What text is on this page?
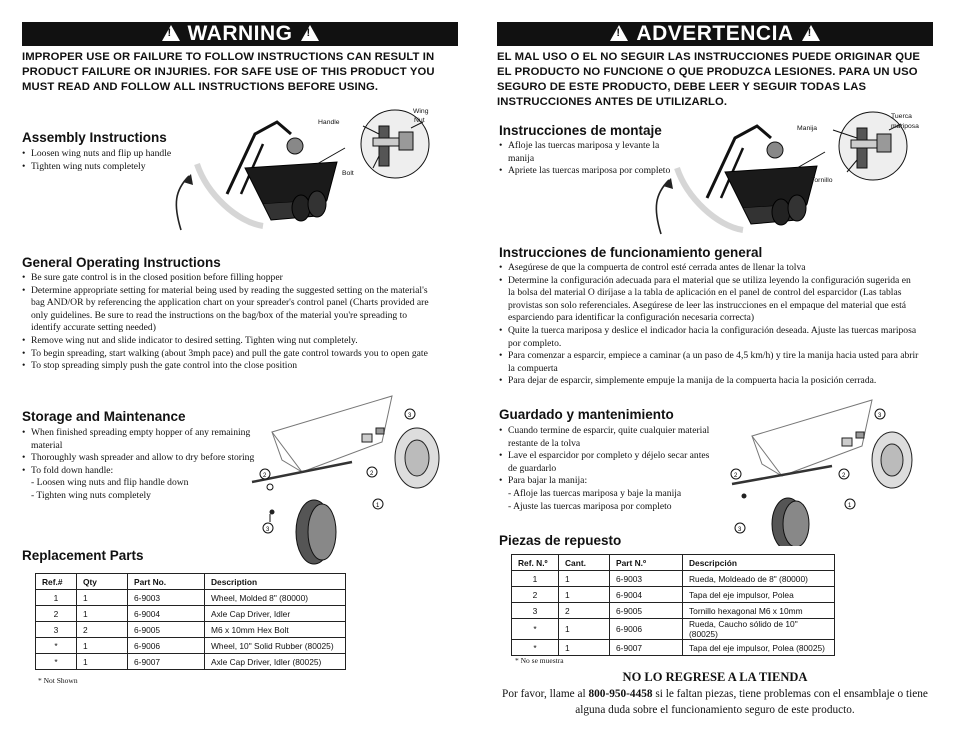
!
WARNING
!
IMPROPER USE OR FAILURE TO FOLLOW INSTRUCTIONS CAN RESULT IN PRODUCT FAILURE OR INJURIES. FOR SAFE USE OF THIS PRODUCT YOU MUST READ AND FOLLOW ALL INSTRUCTIONS BEFORE USING.
Assembly Instructions
• Loosen wing nuts and flip up handle
• Tighten wing nuts completely
Handle
Wing
Nut
Bolt
General Operating Instructions
• Be sure gate control is in the closed position before filling hopper
• Determine appropriate setting for material being used by reading the suggested setting on the material's bag AND/OR by referencing the application chart on your spreader's control panel (Charts provided are only guidelines. Be sure to read the instructions on the bag/box of the material you're spreading to identify accurate setting needed)
• Remove wing nut and slide indicator to desired setting. Tighten wing nut completely.
• To begin spreading, start walking (about 3mph pace) and pull the gate control towards you to open gate
• To stop spreading simply push the gate control into the close position
Storage and Maintenance
• When finished spreading empty hopper of any remaining material
• Thoroughly wash spreader and allow to dry before storing
• To fold down handle:
- Loosen wing nuts and flip handle down
- Tighten wing nuts completely
2	2
3
1
3
Replacement Parts
Ref.#	Qty	Part No.	Description
1	1	6-9003	Wheel, Molded 8" (80000)
2	1	6-9004	Axle Cap Driver, Idler
3	2	6-9005	M6 x 10mm Hex Bolt
*	1	6-9006	Wheel, 10" Solid Rubber (80025)
*	1	6-9007	Axle Cap Driver, Idler (80025)
* Not Shown
!
ADVERTENCIA
!
EL MAL USO O EL NO SEGUIR LAS INSTRUCCIONES PUEDE ORIGINAR QUE EL PRODUCTO NO FUNCIONE O QUE PRODUZCA LESIONES. PARA UN USO SEGURO DE ESTE PRODUCTO, DEBE LEER Y SEGUIR TODAS LAS INSTRUCCIONES ANTES DE UTILIZARLO.
Instrucciones de montaje
• Afloje las tuercas mariposa y levante la manija
• Apriete las tuercas mariposa por completo
Manija
Tuerca
mariposa
Tornillo
Instrucciones de funcionamiento general
• Asegúrese de que la compuerta de control esté cerrada antes de llenar la tolva
• Determine la configuración adecuada para el material que se utiliza leyendo la configuración sugerida en la bolsa del material O diríjase a la tabla de aplicación en el panel de control del esparcidor (Las tablas provistas son solo referenciales. Asegúrese de leer las instrucciones en el empaque del material que está esparciendo para identificar la configuración necesaria correcta)
• Quite la tuerca mariposa y deslice el indicador hacia la configuración deseada. Ajuste las tuercas mariposa por completo.
• Para comenzar a esparcir, empiece a caminar (a un paso de 4,5 km/h) y tire la manija hacia usted para abrir la compuerta
• Para dejar de esparcir, simplemente empuje la manija de la compuerta hacia la posición cerrada.
Guardado y mantenimiento
• Cuando termine de esparcir, quite cualquier material restante de la tolva
• Lave el esparcidor por completo y déjelo secar antes de guardarlo
• Para bajar la manija:
- Afloje las tuercas mariposa y baje la manija
- Ajuste las tuercas mariposa por completo
2	2
3
1
3
Piezas de repuesto
Ref. N.º	Cant.	Part N.º	Descripción
1	1	6-9003	Rueda, Moldeado de 8" (80000)
2	1	6-9004	Tapa del eje impulsor, Polea
3	2	6-9005	Tornillo hexagonal M6 x 10mm
*	1	6-9006	Rueda, Caucho sólido de 10" (80025)
*	1	6-9007	Tapa del eje impulsor, Polea (80025)
* No se muestra
NO LO REGRESE A LA TIENDA
Por favor, llame al 800-950-4458 si le faltan piezas, tiene problemas con el ensamblaje o tiene alguna duda sobre el funcionamiento seguro de este producto.
